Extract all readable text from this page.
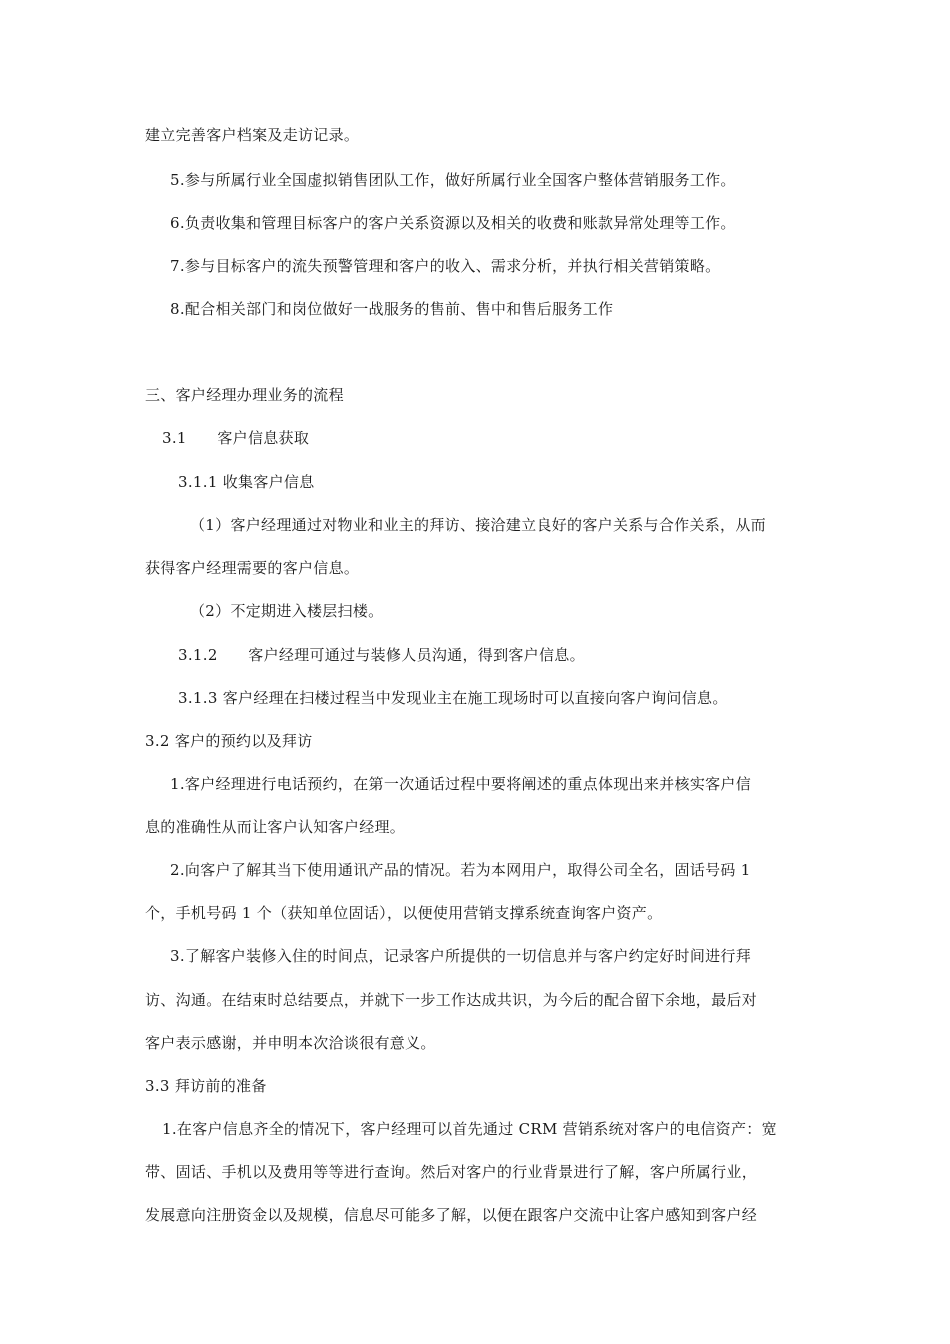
建立完善客户档案及走访记录。
5.参与所属行业全国虚拟销售团队工作，做好所属行业全国客户整体营销服务工作。
6.负责收集和管理目标客户的客户关系资源以及相关的收费和账款异常处理等工作。
7.参与目标客户的流失预警管理和客户的收入、需求分析，并执行相关营销策略。
8.配合相关部门和岗位做好一战服务的售前、售中和售后服务工作
三、客户经理办理业务的流程
3.1　　客户信息获取
3.1.1 收集客户信息
（1）客户经理通过对物业和业主的拜访、接洽建立良好的客户关系与合作关系，从而
获得客户经理需要的客户信息。
（2）不定期进入楼层扫楼。
3.1.2　　客户经理可通过与装修人员沟通，得到客户信息。
3.1.3 客户经理在扫楼过程当中发现业主在施工现场时可以直接向客户询问信息。
3.2 客户的预约以及拜访
1.客户经理进行电话预约，在第一次通话过程中要将阐述的重点体现出来并核实客户信
息的准确性从而让客户认知客户经理。
2.向客户了解其当下使用通讯产品的情况。若为本网用户，取得公司全名，固话号码 1
个，手机号码 1 个（获知单位固话），以便使用营销支撑系统查询客户资产。
3.了解客户装修入住的时间点，记录客户所提供的一切信息并与客户约定好时间进行拜
访、沟通。在结束时总结要点，并就下一步工作达成共识，为今后的配合留下余地，最后对
客户表示感谢，并申明本次洽谈很有意义。
3.3 拜访前的准备
1.在客户信息齐全的情况下，客户经理可以首先通过 CRM 营销系统对客户的电信资产：宽
带、固话、手机以及费用等等进行查询。然后对客户的行业背景进行了解，客户所属行业，
发展意向注册资金以及规模，信息尽可能多了解，以便在跟客户交流中让客户感知到客户经
